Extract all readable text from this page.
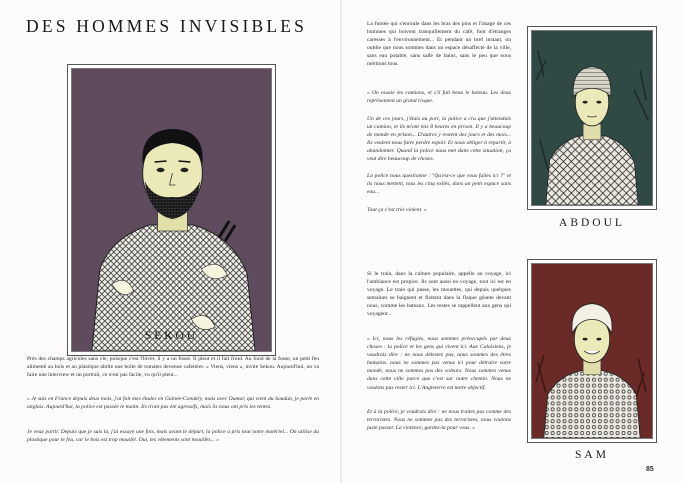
DES HOMMES INVISIBLES
SEKOU
Près des champs agricoles sans vie, puisque c'est l'hiver, il y a un fossé. Il pleut et il fait froid. Au fond de la fosse, un petit feu alimenté au bois et au plastique abrite une boîte de tomates devenue cafetière. « Viens, viens », invite Sekou. Aujourd'hui, on va faire une interview et un portrait, ce n'est pas facile, vu qu'il pleut...
« Je suis en France depuis deux mois, j'ai fait mes études en Guinée-Conakry, mais avec Oumar, qui vient du Soudan, je parle en anglais. Aujourd'hui, la police est passée le matin. Ils n'ont pas été agressifs, mais ils nous ont pris les tentes.
Je veux partir. Depuis que je suis là, j'ai essayé une fois, mais avant le départ, la police a pris tout notre matériel... On utilise du plastique pour le feu, car le bois est trop mouillé. Oui, les vêtements sont mouillés... »
La fumée qui s'enroule dans les bras des pins et l'image de ces hommes qui boivent tranquillement du café, font d'étranges caresses à l'environnement... Et pendant un bref instant, on oublie que nous sommes dans un espace désaffecté de la ville, sans eau potable, sans salle de bains, sans le peu que nous méritons tous.
« On essaie les camions, et s'il fait beau le bateau. Les deux représentent un grand risque.
Un de ces jours, j'étais au port, la police a cru que j'attendais un camion, et ils m'ont mis 8 heures en prison. Il y a beaucoup de monde en prison... D'autres y restent des jours et des mois... Ils veulent nous faire perdre espoir. Et nous obliger à repartir, à abandonner. Quand la police nous met dans cette situation, ça veut dire beaucoup de choses.
La police nous questionne : "Qu'est-ce que vous faites ici ?" et ils nous mettent, tous les cinq exilés, dans un petit espace sans eau...
Tout ça c'est très violent. »
ABDOUL
Si le train, dans la culture populaire, appelle au voyage, ici l'ambiance est propice. Ils sont aussi en voyage, tout ici est en voyage. Le train qui passe, les mouettes, qui depuis quelques semaines se baignent et flottent dans la flaque géante devant nous, comme les bateaux. Les restes se rappellent aux gens qui voyagent...
« Ici, nous les réfugiés, nous sommes préoccupés par deux choses : la police et les gens qui vivent ici. Aux Calaisiens, je voudrais dire : ne nous détestez pas, nous sommes des êtres humains. nous ne sommes pas venus ici pour détruire votre monde, nous ne sommes pas des voleurs. Nous sommes venus dans cette ville parce que c'est sur notre chemin. Nous ne voulons pas rester ici. L'Angleterre est notre objectif.
Et à la police, je voudrais dire : ne nous traitez pas comme des terroristes. Nous ne sommes pas des terroristes, nous voulons juste passer. La violence, gardez-la pour vous. »
SAM
85
